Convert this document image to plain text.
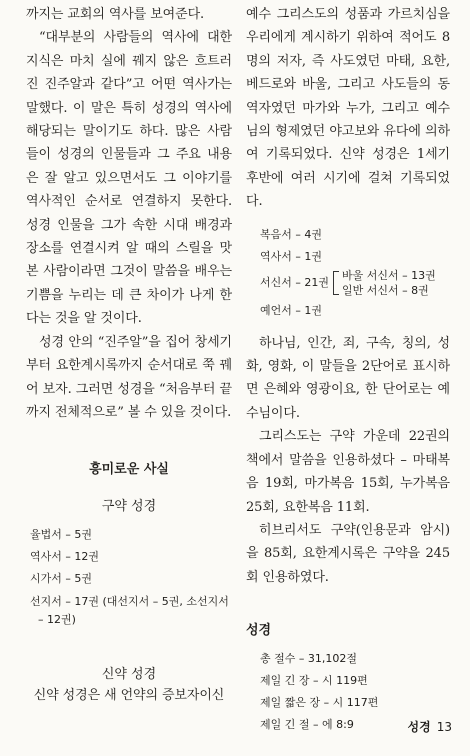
까지는 교회의 역사를 보여준다.

“대부분의 사람들의 역사에 대한 지식은 마치 실에 꿰지 않은 흐트러진 진주알과 같다”고 어떤 역사가는 말했다. 이 말은 특히 성경의 역사에 해당되는 말이기도 하다. 많은 사람들이 성경의 인물들과 그 주요 내용은 잘 알고 있으면서도 그 이야기를 역사적인 순서로 연결하지 못한다. 성경 인물을 그가 속한 시대 배경과 장소를 연결시켜 알 때의 스릴을 맛본 사람이라면 그것이 말씀을 배우는 기쁨을 누리는 데 큰 차이가 나게 한다는 것을 알 것이다.

성경 안의 “진주알”을 집어 창세기부터 요한계시록까지 순서대로 쭉 꿰어 보자. 그러면 성경을 “처음부터 끝까지 전체적으로” 볼 수 있을 것이다.

흥미로운 사실
구약 성경
율법서 – 5권
역사서 – 12권
시가서 – 5권
선지서 – 17권 (대선지서 – 5권, 소선지서
– 12권)
신약 성경

신약 성경은 새 언약의 증보자이신

예수 그리스도의 성품과 가르치심을 우리에게 계시하기 위하여 적어도 8명의 저자, 즉 사도였던 마태, 요한, 베드로와 바울, 그리고 사도들의 동역자였던 마가와 누가, 그리고 예수님의 형제였던 야고보와 유다에 의하여 기록되었다. 신약 성경은 1세기 후반에 여러 시기에 걸쳐 기록되었다.

복음서 – 4권
역사서 – 1권
서신서 – 21권
바울 서신서 – 13권
일반 서신서 – 8권
예언서 – 1권

하나님, 인간, 죄, 구속, 칭의, 성화, 영화, 이 말들을 2단어로 표시하면 은혜와 영광이요, 한 단어로는 예수님이다.

그리스도는 구약 가운데 22권의 책에서 말씀을 인용하셨다 – 마태복음 19회, 마가복음 15회, 누가복음 25회, 요한복음 11회.

히브리서도 구약(인용문과 암시)을 85회, 요한계시록은 구약을 245회 인용하였다.

성경
총 절수 – 31,102절
제일 긴 장 – 시 119편
제일 짧은 장 – 시 117편
제일 긴 절 – 에 8:9	성경 13
